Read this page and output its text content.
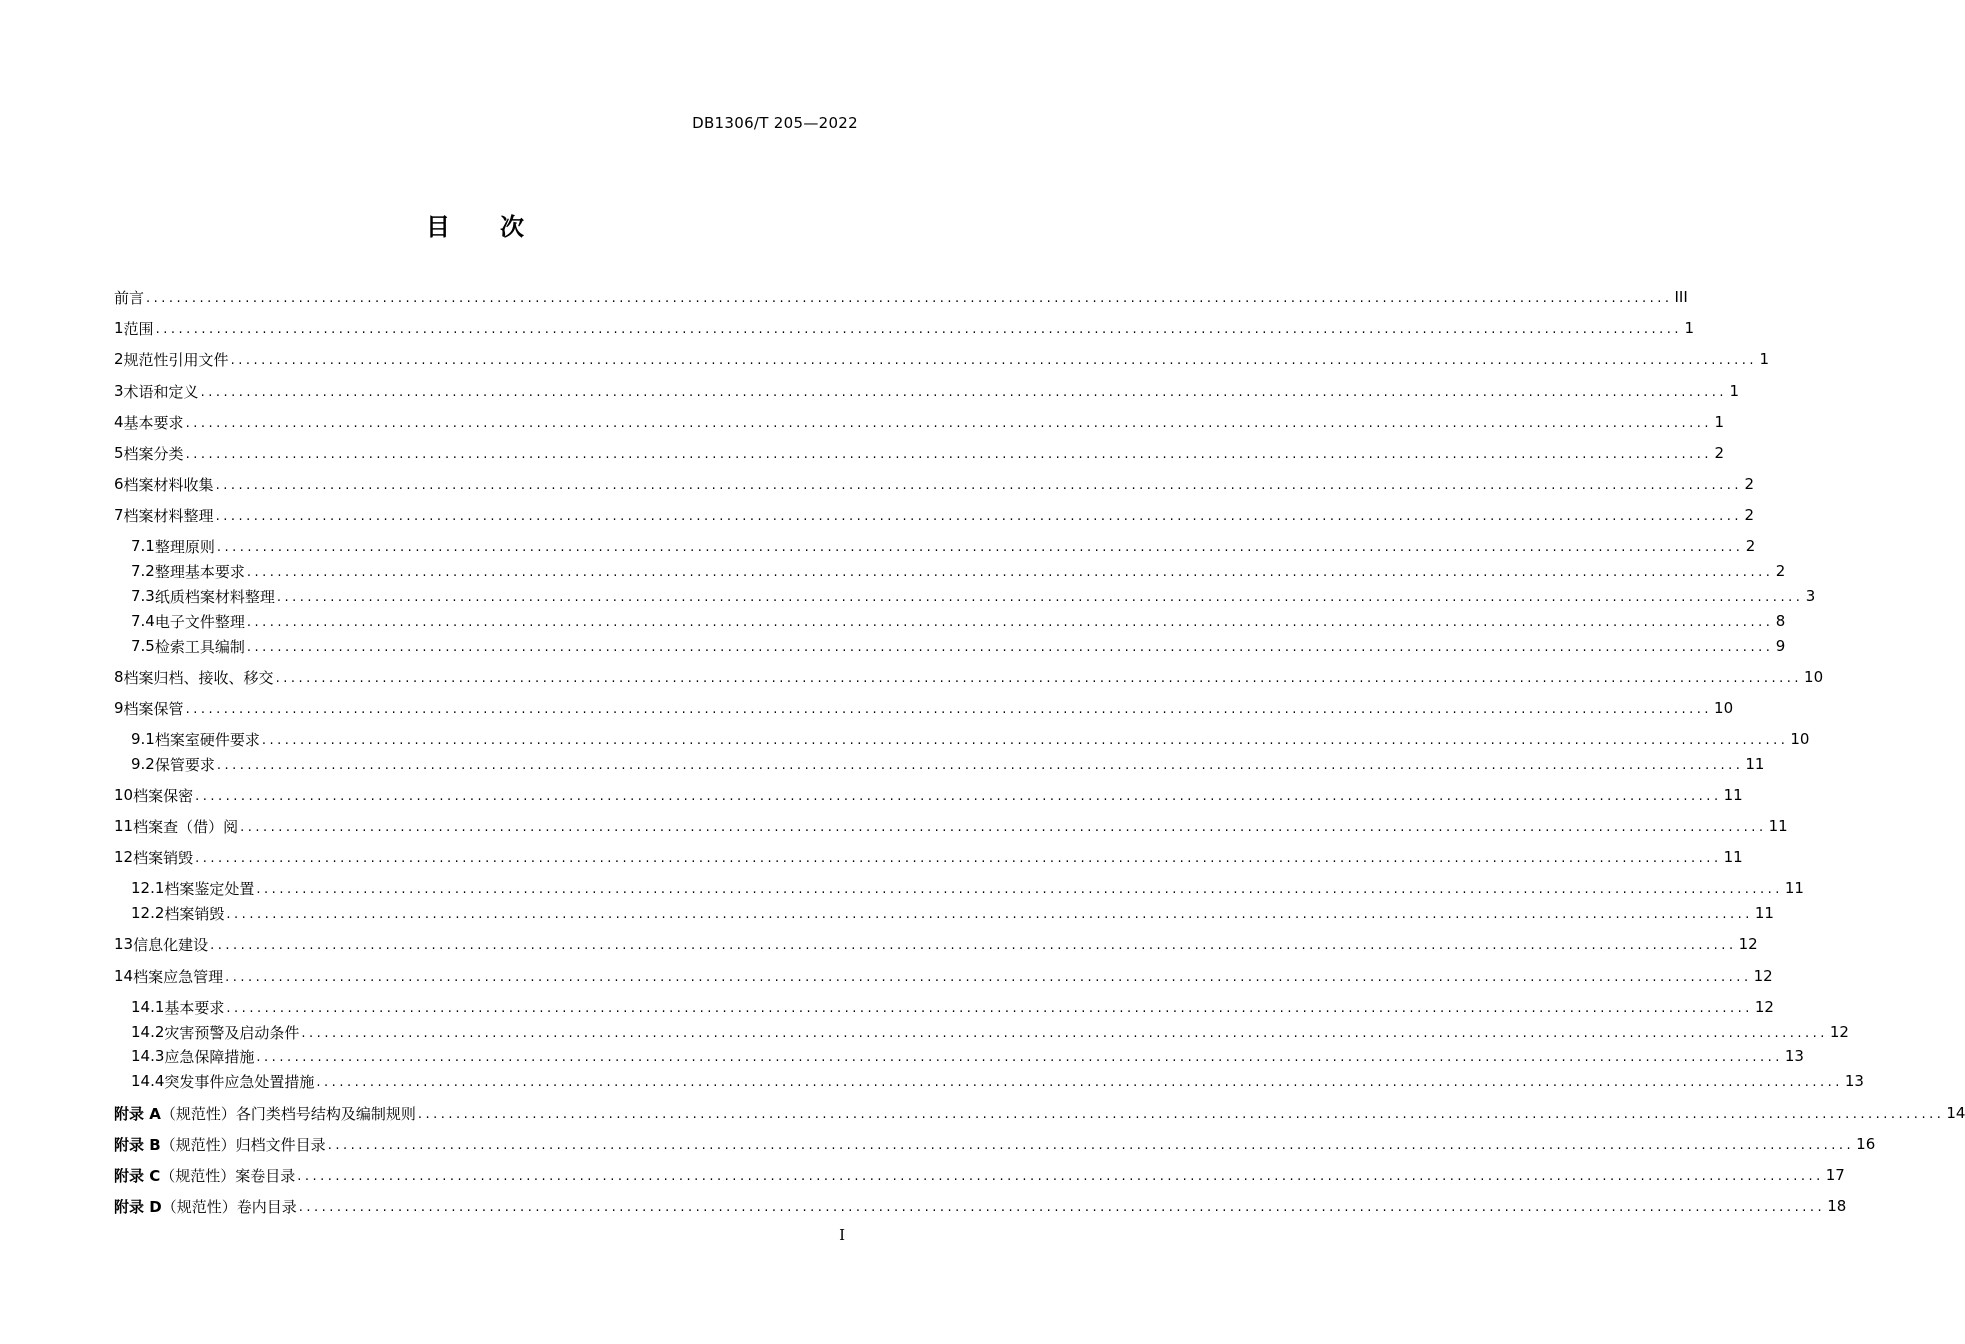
DB1306/T 205—2022
目 次
前 言 ........................................................................................................................................................................................................ III
1 范围 ........................................................................................................................................................................................................ 1
2 规范性引用文件 ........................................................................................................................................................................................................ 1
3 术语和定义 ........................................................................................................................................................................................................ 1
4 基本要求 ........................................................................................................................................................................................................ 1
5 档案分类 ........................................................................................................................................................................................................ 2
6 档案材料收集 ........................................................................................................................................................................................................ 2
7 档案材料整理 ........................................................................................................................................................................................................ 2
7.1 整理原则 ........................................................................................................................................................................................................ 2
7.2 整理基本要求 ........................................................................................................................................................................................................ 2
7.3 纸质档案材料整理 ........................................................................................................................................................................................................ 3
7.4 电子文件整理 ........................................................................................................................................................................................................ 8
7.5 检索工具编制 ........................................................................................................................................................................................................ 9
8 档案归档、接收、移交 ........................................................................................................................................................................................................ 10
9 档案保管 ........................................................................................................................................................................................................ 10
9.1 档案室硬件要求 ........................................................................................................................................................................................................ 10
9.2 保管要求 ........................................................................................................................................................................................................ 11
10 档案保密 ........................................................................................................................................................................................................ 11
11 档案查（借）阅 ........................................................................................................................................................................................................ 11
12 档案销毁 ........................................................................................................................................................................................................ 11
12.1 档案鉴定处置 ........................................................................................................................................................................................................ 11
12.2 档案销毁 ........................................................................................................................................................................................................ 11
13 信息化建设 ........................................................................................................................................................................................................ 12
14 档案应急管理 ........................................................................................................................................................................................................ 12
14.1 基本要求 ........................................................................................................................................................................................................ 12
14.2 灾害预警及启动条件 ........................................................................................................................................................................................................ 12
14.3 应急保障措施 ........................................................................................................................................................................................................ 13
14.4 突发事件应急处置措施 ........................................................................................................................................................................................................ 13
附录 A （规范性） 各门类档号结构及编制规则 ........................................................................................................................................................................................................ 14
附录 B （规范性） 归档文件目录 ........................................................................................................................................................................................................ 16
附录 C （规范性） 案卷目录 ........................................................................................................................................................................................................ 17
附录 D （规范性） 卷内目录 ........................................................................................................................................................................................................ 18
I
